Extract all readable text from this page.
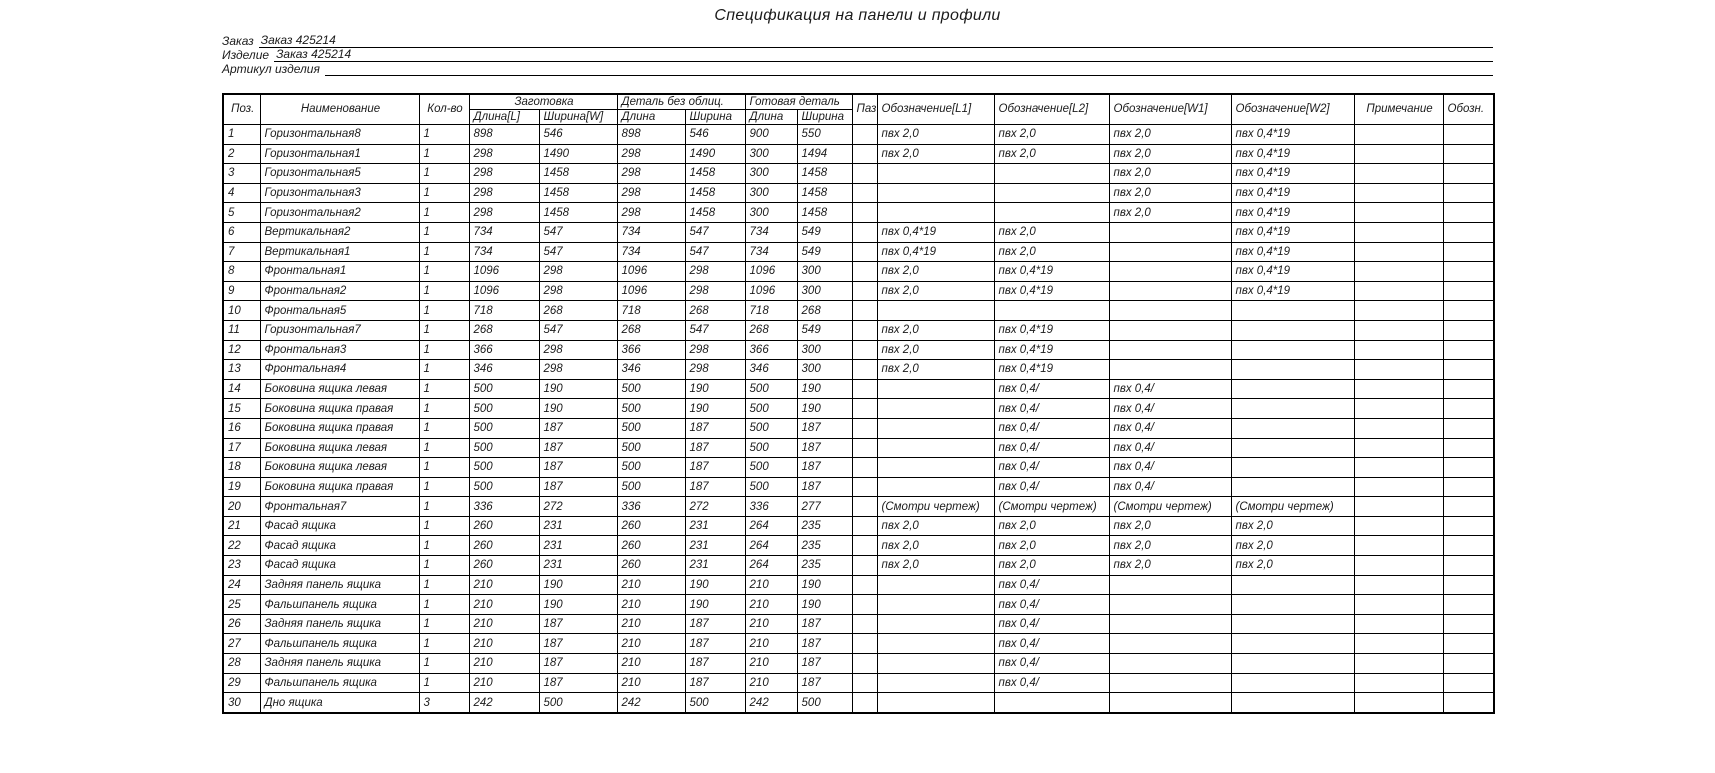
Спецификация на панели и профили
Заказ Заказ 425214
Изделие Заказ 425214
Артикул изделия
Поз.	Наименование	Кол-во	Заготовка		Деталь без облиц.		Готовая деталь		Паз	Обозначение[L1]	Обозначение[L2]	Обозначение[W1]	Обозначение[W2]	Примечание	Обозн.
			Длина[L]	Ширина[W]	Длина	Ширина	Длина	Ширина							
1	Горизонтальная8	1	898	546	898	546	900	550		пвх 2,0	пвх 2,0	пвх 2,0	пвх 0,4*19		
2	Горизонтальная1	1	298	1490	298	1490	300	1494		пвх 2,0	пвх 2,0	пвх 2,0	пвх 0,4*19		
3	Горизонтальная5	1	298	1458	298	1458	300	1458				пвх 2,0	пвх 0,4*19		
4	Горизонтальная3	1	298	1458	298	1458	300	1458				пвх 2,0	пвх 0,4*19		
5	Горизонтальная2	1	298	1458	298	1458	300	1458				пвх 2,0	пвх 0,4*19		
6	Вертикальная2	1	734	547	734	547	734	549		пвх 0,4*19	пвх 2,0		пвх 0,4*19		
7	Вертикальная1	1	734	547	734	547	734	549		пвх 0,4*19	пвх 2,0		пвх 0,4*19		
8	Фронтальная1	1	1096	298	1096	298	1096	300		пвх 2,0	пвх 0,4*19		пвх 0,4*19		
9	Фронтальная2	1	1096	298	1096	298	1096	300		пвх 2,0	пвх 0,4*19		пвх 0,4*19		
10	Фронтальная5	1	718	268	718	268	718	268							
11	Горизонтальная7	1	268	547	268	547	268	549		пвх 2,0	пвх 0,4*19				
12	Фронтальная3	1	366	298	366	298	366	300		пвх 2,0	пвх 0,4*19				
13	Фронтальная4	1	346	298	346	298	346	300		пвх 2,0	пвх 0,4*19				
14	Боковина ящика левая	1	500	190	500	190	500	190			пвх 0,4/	пвх 0,4/			
15	Боковина ящика правая	1	500	190	500	190	500	190			пвх 0,4/	пвх 0,4/			
16	Боковина ящика правая	1	500	187	500	187	500	187			пвх 0,4/	пвх 0,4/			
17	Боковина ящика левая	1	500	187	500	187	500	187			пвх 0,4/	пвх 0,4/			
18	Боковина ящика левая	1	500	187	500	187	500	187			пвх 0,4/	пвх 0,4/			
19	Боковина ящика правая	1	500	187	500	187	500	187			пвх 0,4/	пвх 0,4/			
20	Фронтальная7	1	336	272	336	272	336	277		(Смотри чертеж)	(Смотри чертеж)	(Смотри чертеж)	(Смотри чертеж)		
21	Фасад ящика	1	260	231	260	231	264	235		пвх 2,0	пвх 2,0	пвх 2,0	пвх 2,0		
22	Фасад ящика	1	260	231	260	231	264	235		пвх 2,0	пвх 2,0	пвх 2,0	пвх 2,0		
23	Фасад ящика	1	260	231	260	231	264	235		пвх 2,0	пвх 2,0	пвх 2,0	пвх 2,0		
24	Задняя панель ящика	1	210	190	210	190	210	190			пвх 0,4/				
25	Фальшпанель ящика	1	210	190	210	190	210	190			пвх 0,4/				
26	Задняя панель ящика	1	210	187	210	187	210	187			пвх 0,4/				
27	Фальшпанель ящика	1	210	187	210	187	210	187			пвх 0,4/				
28	Задняя панель ящика	1	210	187	210	187	210	187			пвх 0,4/				
29	Фальшпанель ящика	1	210	187	210	187	210	187			пвх 0,4/				
30	Дно ящика	3	242	500	242	500	242	500							
